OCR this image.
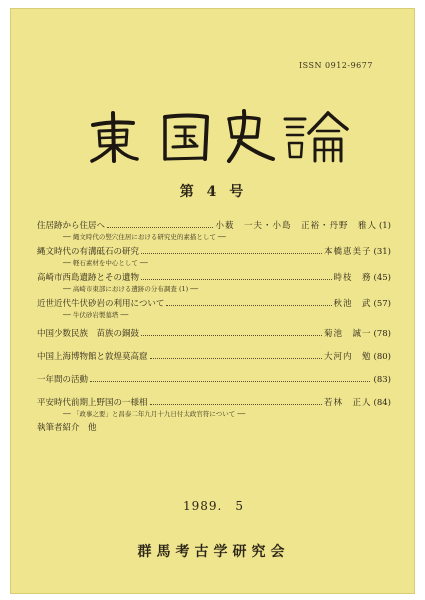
ISSN 0912-9677
第 4 号
住居跡から住居へ	小薮　一夫・小島　正裕・丹野　雅人 (1)
── 縄文時代の竪穴住居における研究史的素描として ──
縄文時代の有溝砥石の研究	本橋恵美子 (31)
── 軽石素材を中心として ──
高崎市西島遺跡とその遺物	時枝　務 (45)
── 高崎市東部における遺跡の分布調査 (1) ──
近世近代牛伏砂岩の利用について	秋池　武 (57)
── 牛伏砂岩製墓塔 ──
中国少数民族　苗族の銅鼓	菊池　誠一 (78)
中国上海博物館と敦煌莫高窟	大河内　勉 (80)
一年間の活動	(83)
平安時代前期上野国の一様相	若林　正人 (84)
── 「政事之要」と昌泰二年九月十九日付太政官符について ──
執筆者紹介　他
1989.　5
群馬考古学研究会
